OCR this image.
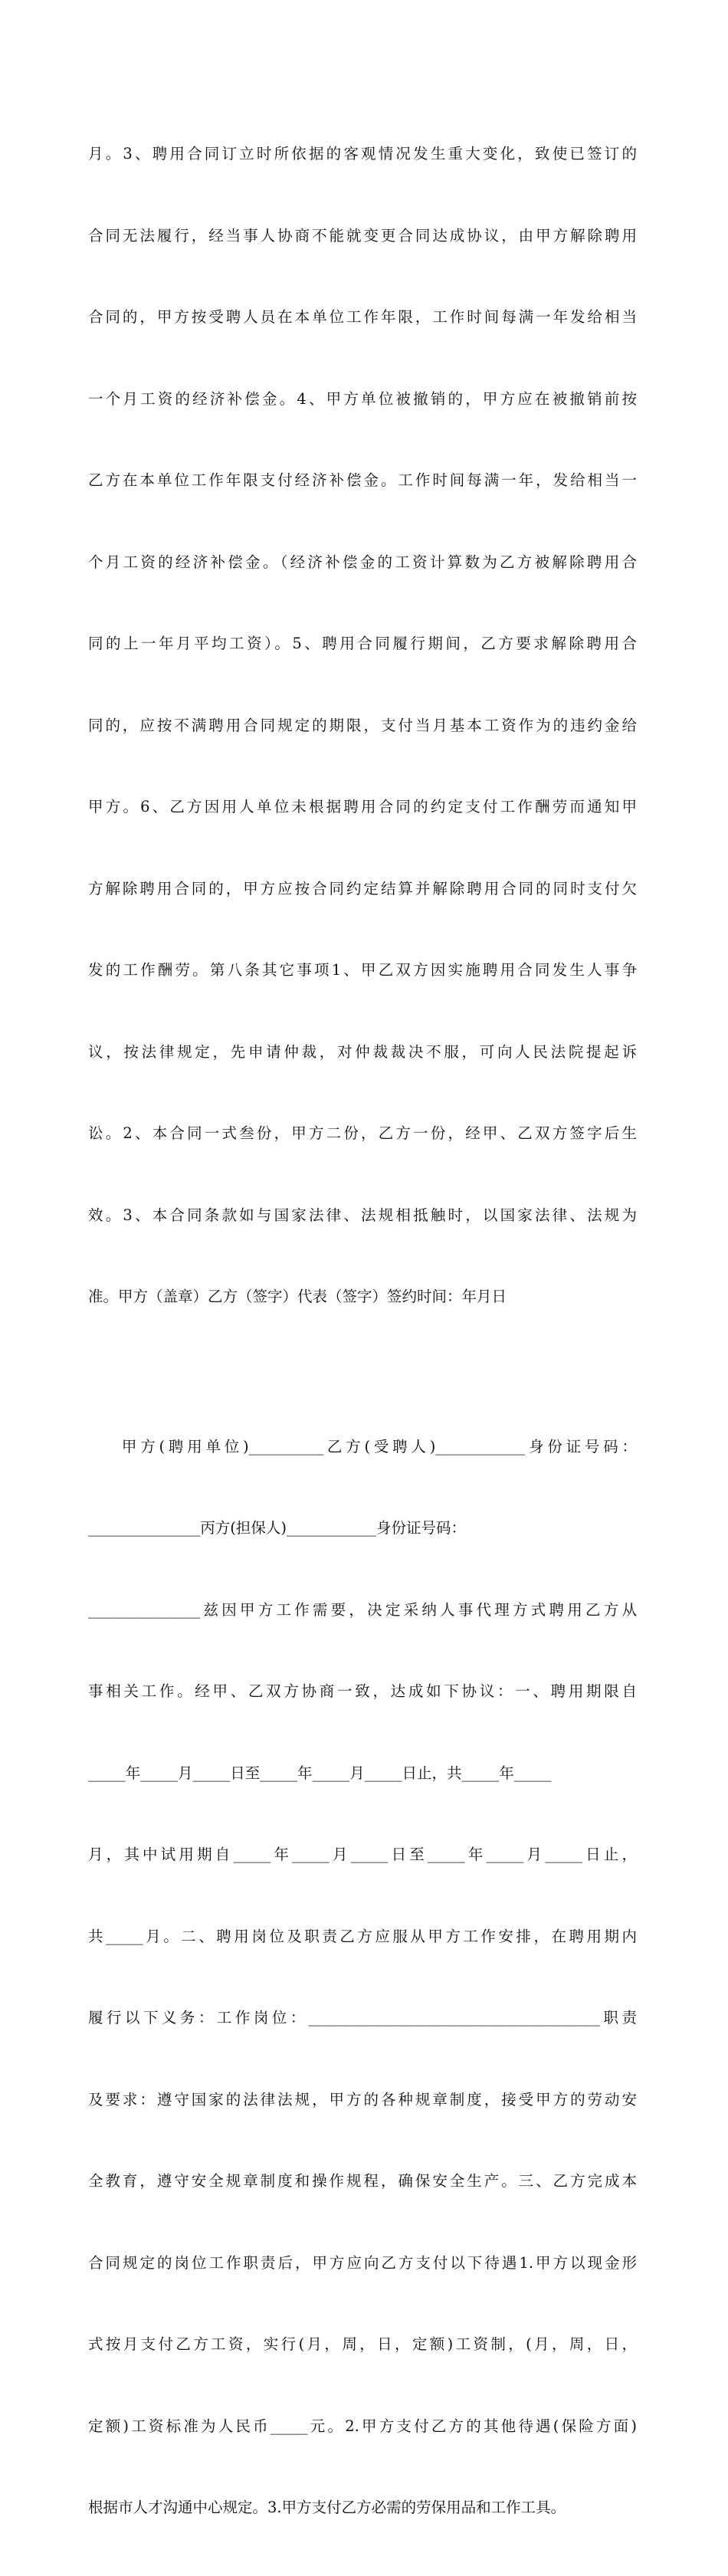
月。3、聘用合同订立时所依据的客观情况发生重大变化，致使已签订的

合同无法履行，经当事人协商不能就变更合同达成协议，由甲方解除聘用

合同的，甲方按受聘人员在本单位工作年限，工作时间每满一年发给相当

一个月工资的经济补偿金。4、甲方单位被撤销的，甲方应在被撤销前按

乙方在本单位工作年限支付经济补偿金。工作时间每满一年，发给相当一

个月工资的经济补偿金。（经济补偿金的工资计算数为乙方被解除聘用合

同的上一年月平均工资）。5、聘用合同履行期间，乙方要求解除聘用合

同的，应按不满聘用合同规定的期限，支付当月基本工资作为的违约金给

甲方。6、乙方因用人单位未根据聘用合同的约定支付工作酬劳而通知甲

方解除聘用合同的，甲方应按合同约定结算并解除聘用合同的同时支付欠

发的工作酬劳。第八条其它事项1、甲乙双方因实施聘用合同发生人事争

议，按法律规定，先申请仲裁，对仲裁裁决不服，可向人民法院提起诉

讼。2、本合同一式叁份，甲方二份，乙方一份，经甲、乙双方签字后生

效。3、本合同条款如与国家法律、法规相抵触时，以国家法律、法规为

准。甲方（盖章）乙方（签字）代表（签字）签约时间：年月日

甲方(聘用单位)__________乙方(受聘人)____________身份证号码：

_______________丙方(担保人)____________身份证号码：

_______________兹因甲方工作需要，决定采纳人事代理方式聘用乙方从

事相关工作。经甲、乙双方协商一致，达成如下协议：一、聘用期限自

_____年_____月_____日至_____年_____月_____日止，共_____年_____

月，其中试用期自_____年_____月_____日至_____年_____月_____日止，

共_____月。二、聘用岗位及职责乙方应服从甲方工作安排，在聘用期内

履行以下义务：工作岗位：_______________________________________职责

及要求：遵守国家的法律法规，甲方的各种规章制度，接受甲方的劳动安

全教育，遵守安全规章制度和操作规程，确保安全生产。三、乙方完成本

合同规定的岗位工作职责后，甲方应向乙方支付以下待遇1.甲方以现金形

式按月支付乙方工资，实行(月，周，日，定额)工资制，(月，周，日，

定额)工资标准为人民币_____元。2.甲方支付乙方的其他待遇(保险方面)

根据市人才沟通中心规定。3.甲方支付乙方必需的劳保用品和工作工具。
